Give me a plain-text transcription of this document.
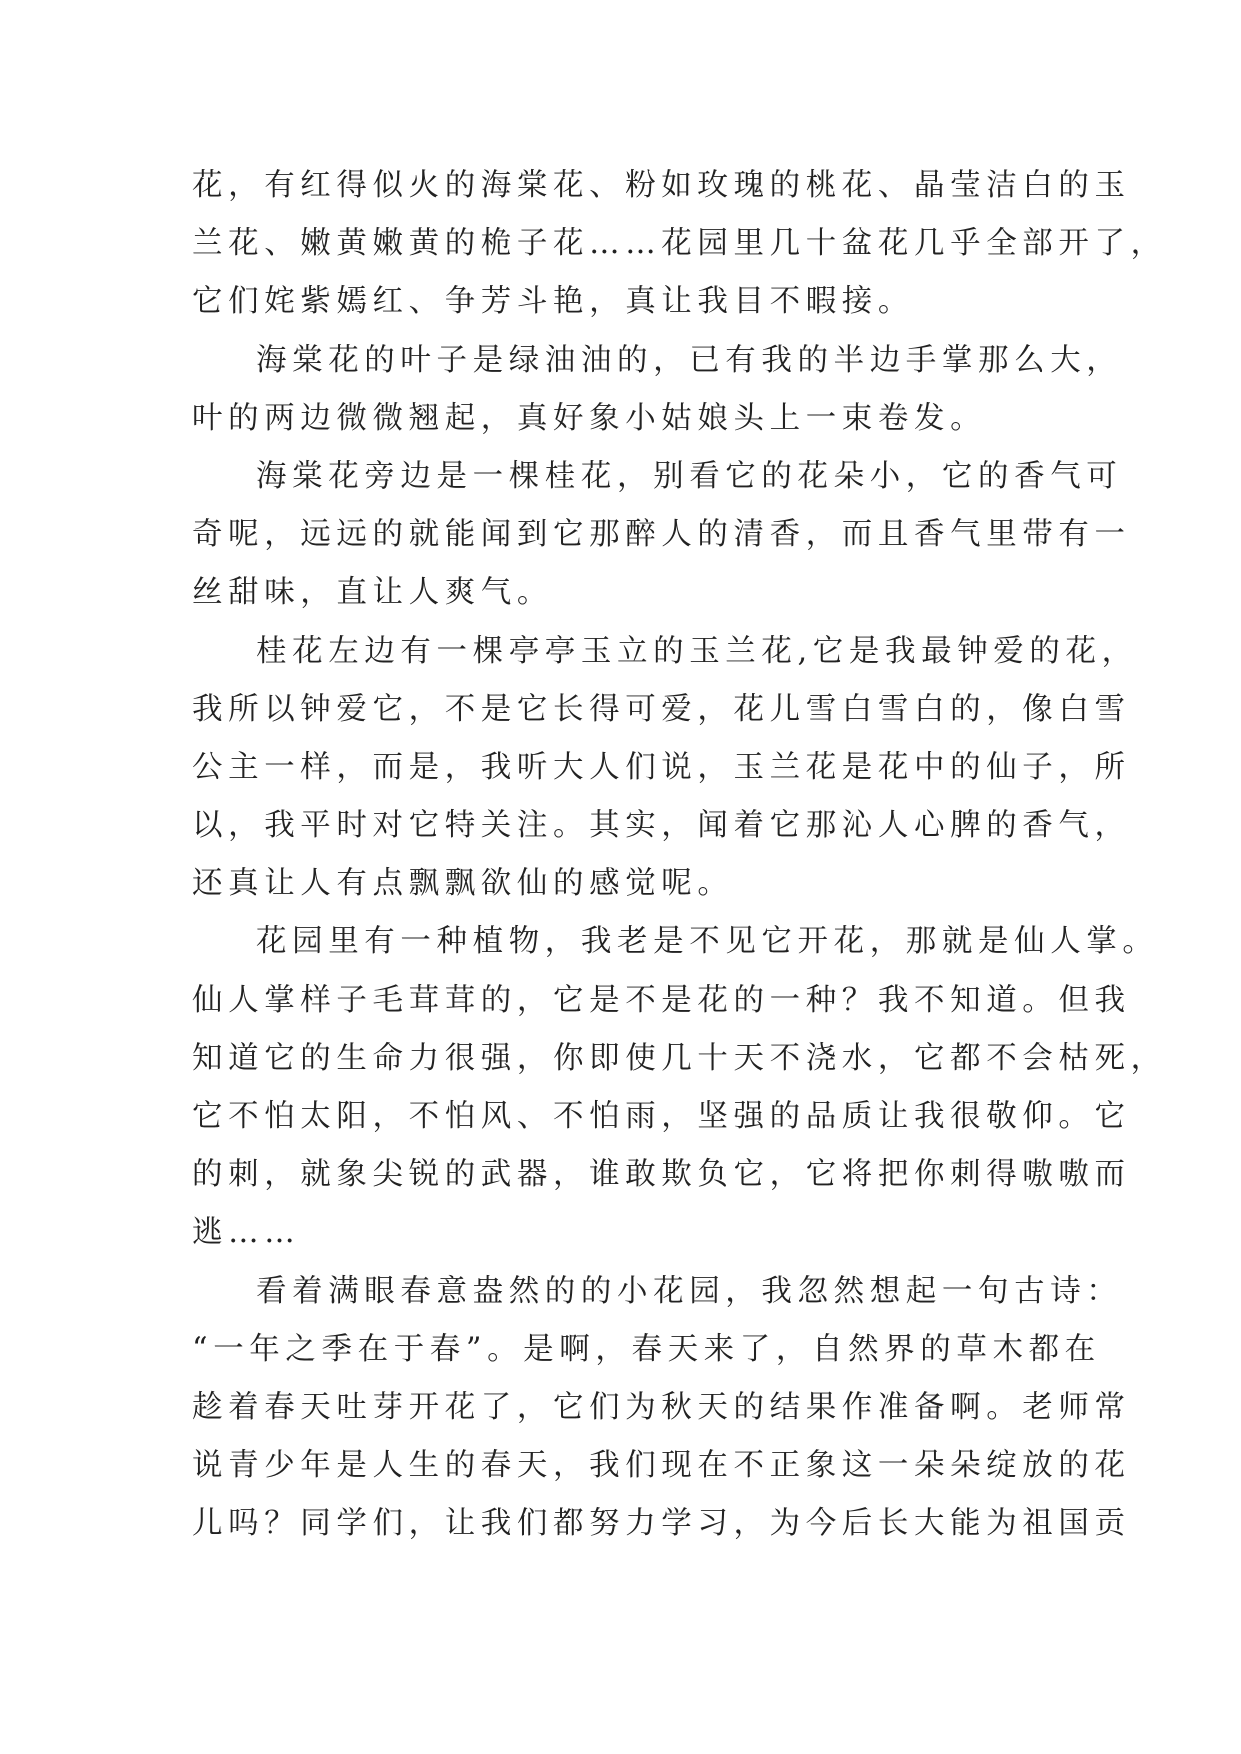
花，有红得似火的海棠花、粉如玫瑰的桃花、晶莹洁白的玉
兰花、嫩黄嫩黄的桅子花……花园里几十盆花几乎全部开了，
它们姹紫嫣红、争芳斗艳，真让我目不暇接。
海棠花的叶子是绿油油的，已有我的半边手掌那么大，
叶的两边微微翘起，真好象小姑娘头上一束卷发。
海棠花旁边是一棵桂花，别看它的花朵小，它的香气可
奇呢，远远的就能闻到它那醉人的清香，而且香气里带有一
丝甜味，直让人爽气。
桂花左边有一棵亭亭玉立的玉兰花,它是我最钟爱的花，
我所以钟爱它，不是它长得可爱，花儿雪白雪白的，像白雪
公主一样，而是，我听大人们说，玉兰花是花中的仙子，所
以，我平时对它特关注。其实，闻着它那沁人心脾的香气，
还真让人有点飘飘欲仙的感觉呢。
花园里有一种植物，我老是不见它开花，那就是仙人掌。
仙人掌样子毛茸茸的，它是不是花的一种？我不知道。但我
知道它的生命力很强，你即使几十天不浇水，它都不会枯死，
它不怕太阳，不怕风、不怕雨，坚强的品质让我很敬仰。它
的刺，就象尖锐的武器，谁敢欺负它，它将把你刺得嗷嗷而
逃……
看着满眼春意盎然的的小花园，我忽然想起一句古诗：
“一年之季在于春”。是啊，春天来了，自然界的草木都在
趁着春天吐芽开花了，它们为秋天的结果作准备啊。老师常
说青少年是人生的春天，我们现在不正象这一朵朵绽放的花
儿吗？同学们，让我们都努力学习，为今后长大能为祖国贡
